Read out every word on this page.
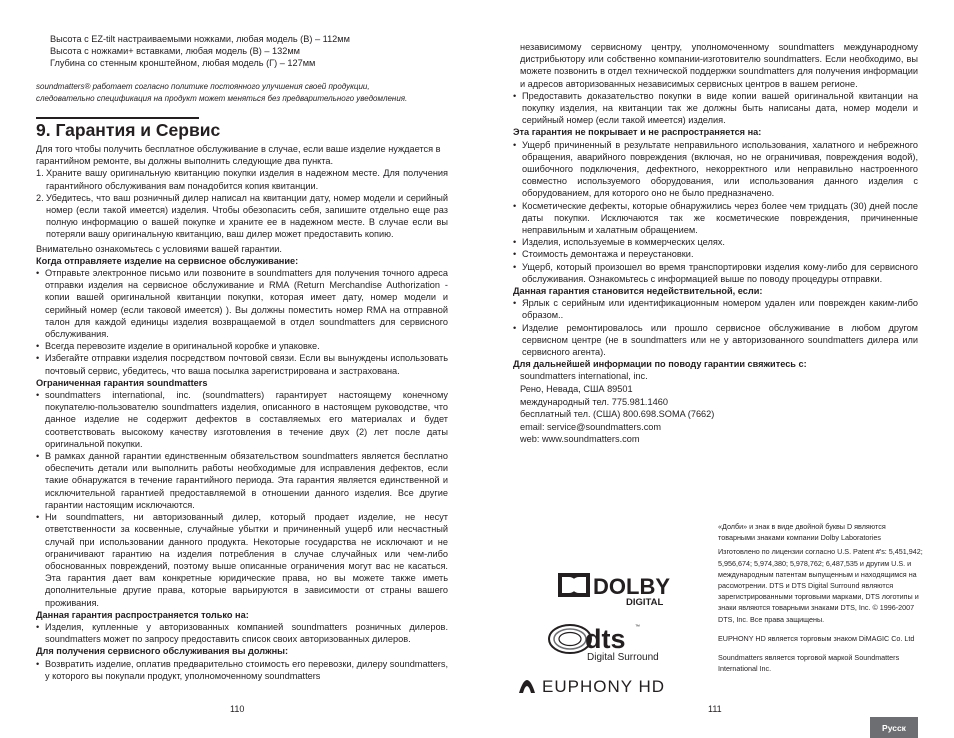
Высота с EZ-tilt настраиваемыми ножками, любая модель (В) – 112мм

Высота с ножками+ вставками, любая модель (В) – 132мм

Глубина со стенным кронштейном, любая модель (Г) – 127мм

soundmatters® работает согласно политике постоянного улучшения своей продукции,

следовательно спецификация на продукт может меняться без предварительного уведомления.

9. Гарантия и Сервис

Для того чтобы получить бесплатное обслуживание в случае, если ваше изделие нуждается в гарантийном ремонте, вы должны выполнить следующие два пункта.

1. Храните вашу оригинальную квитанцию покупки изделия в надежном месте. Для получения гарантийного обслуживания вам понадобится копия квитанции.
2. Убедитесь, что ваш розничный дилер написал на квитанции дату, номер модели и серийный номер (если такой имеется) изделия. Чтобы обезопасить себя, запишите отдельно еще раз полную информацию о вашей покупке и храните ее в надежном месте. В случае если вы потеряли вашу оригинальную квитанцию, ваш дилер может предоставить копию.

Внимательно ознакомьтесь с условиями вашей гарантии.

Когда отправляете изделие на сервисное обслуживание:

• Отправьте электронное письмо или позвоните в soundmatters для получения точного адреса отправки изделия на сервисное обслуживание и RMA (Return Merchandise Authorization - копии вашей оригинальной квитанции покупки, которая имеет дату, номер модели и серийный номер (если таковой имеется) ). Вы должны поместить номер RMA на отправной талон для каждой единицы изделия возвращаемой в отдел soundmatters для сервисного обслуживания.
• Всегда перевозите изделие в оригинальной коробке и упаковке.
• Избегайте отправки изделия посредством почтовой связи. Если вы вынуждены использовать почтовый сервис, убедитесь, что ваша посылка зарегистрирована и застрахована.

Ограниченная гарантия soundmatters

• soundmatters international, inc. (soundmatters) гарантирует настоящему конечному покупателю-пользователю soundmatters изделия, описанного в настоящем руководстве, что данное изделие не содержит дефектов в составляемых его материалах и будет соответствовать высокому качеству изготовления в течение двух (2) лет после даты оригинальной покупки.
• В рамках данной гарантии единственным обязательством soundmatters является бесплатно обеспечить детали или выполнить работы необходимые для исправления дефектов, если такие обнаружатся в течение гарантийного периода. Эта гарантия является единственной и исключительной гарантией предоставляемой в отношении данного изделия. Все другие гарантии настоящим исключаются.
• Ни soundmatters, ни авторизованный дилер, который продает изделие, не несут ответственности за косвенные, случайные убытки и причиненный ущерб или несчастный случай при использовании данного продукта. Некоторые государства не исключают и не ограничивают гарантию на изделия потребления в случае случайных или чем-либо обоснованных повреждений, поэтому выше описанные ограничения могут вас не касаться. Эта гарантия дает вам конкретные юридические права, но вы можете также иметь дополнительные другие права, которые варьируются в зависимости от страны вашего проживания.

Данная гарантия распространяется только на:

• Изделия, купленные у авторизованных компанией soundmatters розничных дилеров. soundmatters может по запросу предоставить список своих авторизованных дилеров.

Для получения сервисного обслуживания вы должны:

• Возвратить изделие, оплатив предварительно стоимость его перевозки, дилеру soundmatters, у которого вы покупали продукт, уполномоченному soundmatters

независимому сервисному центру, уполномоченному soundmatters международному дистрибьютору или собственно компании-изготовителю soundmatters. Если необходимо, вы можете позвонить в отдел технической поддержки soundmatters для получения информации и адресов авторизованных независимых сервисных центров в вашем регионе.

• Предоставить доказательство покупки в виде копии вашей оригинальной квитанции на покупку изделия, на квитанции так же должны быть написаны дата, номер модели и серийный номер (если такой имеется) изделия.

Эта гарантия не покрывает и не распространяется на:

• Ущерб причиненный в результате неправильного использования, халатного и небрежного обращения, аварийного повреждения (включая, но не ограничивая, повреждения водой), ошибочного подключения, дефектного, некорректного или неправильно настроенного совместно используемого оборудования, или использования данного изделия с оборудованием, для которого оно не было предназначено.
• Косметические дефекты, которые обнаружились через более чем тридцать (30) дней после даты покупки. Исключаются так же косметические повреждения, причиненные неправильным и халатным обращением.
• Изделия, используемые в коммерческих целях.
• Стоимость демонтажа и переустановки.
• Ущерб, который произошел во время транспортировки изделия кому-либо для сервисного обслуживания. Ознакомьтесь с информацией выше по поводу процедуры отправки.

Данная гарантия становится недействительной, если:

• Ярлык с серийным или идентификационным номером удален или поврежден каким-либо образом..
• Изделие ремонтировалось или прошло сервисное обслуживание в любом другом сервисном центре (не в soundmatters или не у авторизованного soundmatters дилера или сервисного агента).

Для дальнейшей информации по поводу гарантии свяжитесь с:

soundmatters international, inc.

Рено, Невада, США 89501

международный тел. 775.981.1460

бесплатный тел. (США) 800.698.SOMA (7662)

email: service@soundmatters.com

web: www.soundmatters.com

DOLBY
DIGITAL
dts ™
Digital Surround
EUPHONY HD

«Долби» и знак в виде двойной буквы D являются товарными знаками компании Dolby Laboratories

Изготовлено по лицензии согласно U.S. Patent #'s: 5,451,942; 5,956,674; 5,974,380; 5,978,762; 6,487,535 и другим U.S. и международным патентам выпущенным и находящимся на рассмотрении. DTS и DTS Digital Surround являются зарегистрированными торговыми марками, DTS логотипы и знаки являются товарными знаками DTS, Inc. © 1996-2007 DTS, Inc. Все права защищены.

EUPHONY HD является торговым знаком DiMAGIC Co. Ltd

Soundmatters является торговой маркой Soundmatters International Inc.

110	111
Русск
